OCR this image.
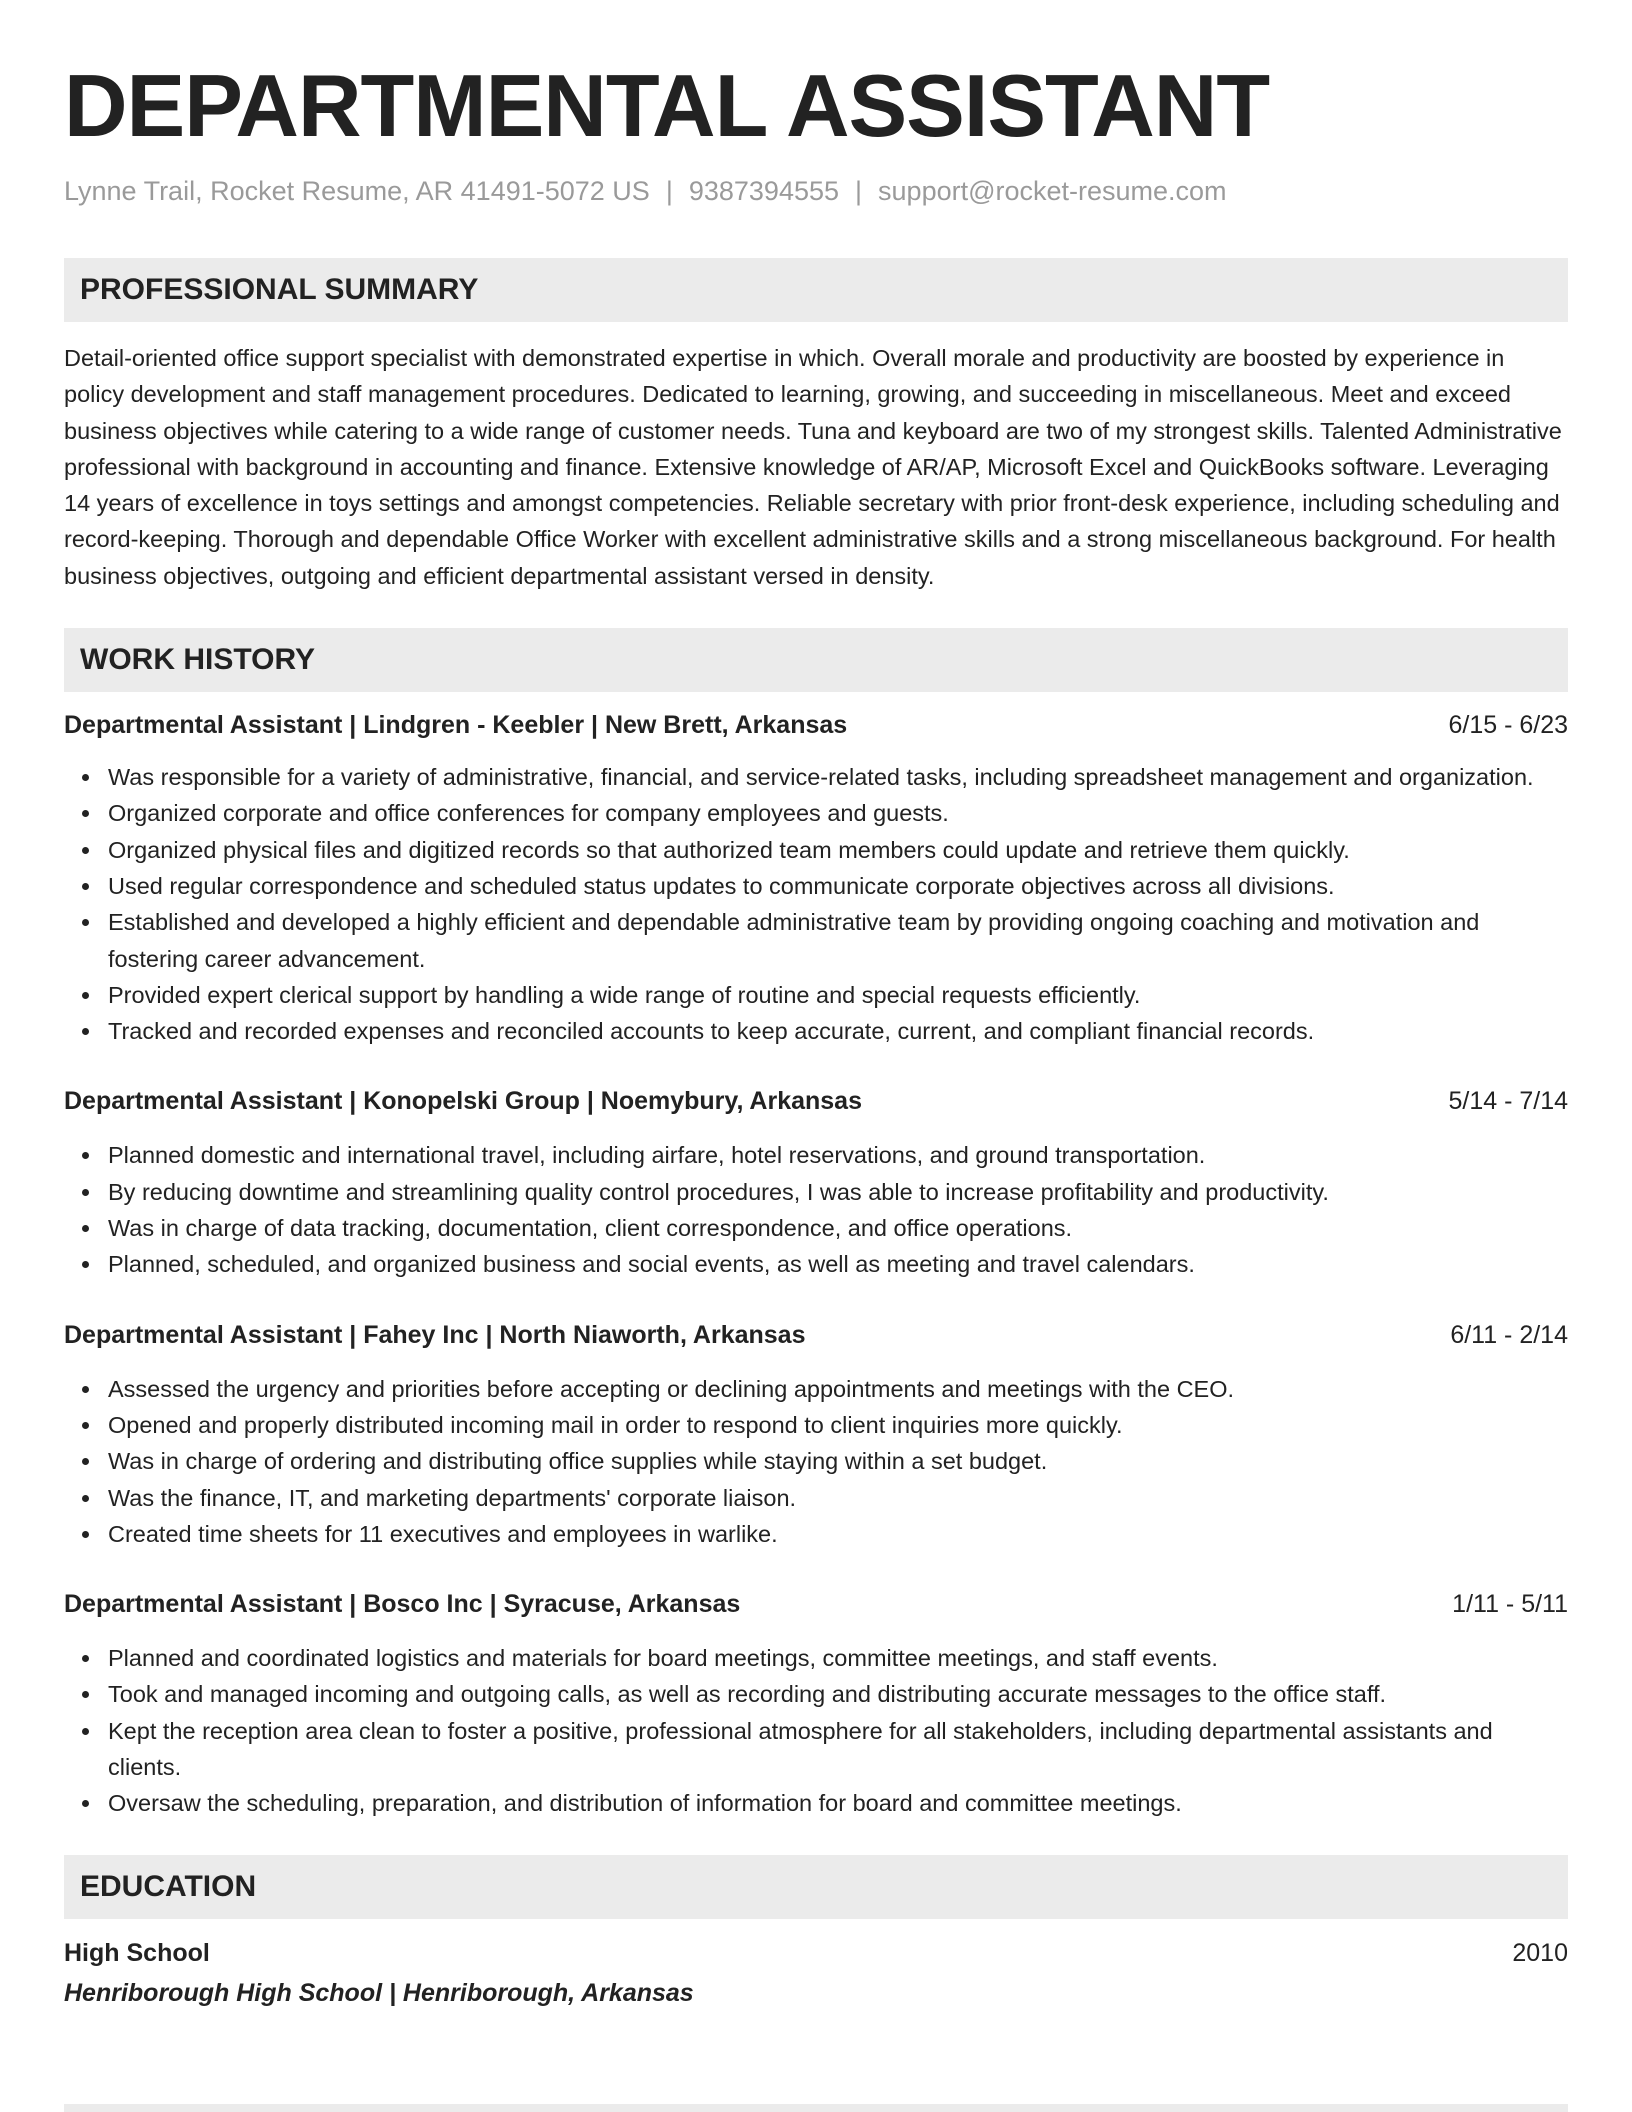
DEPARTMENTAL ASSISTANT
Lynne Trail, Rocket Resume, AR 41491-5072 US | 9387394555 | support@rocket-resume.com
PROFESSIONAL SUMMARY

Detail-oriented office support specialist with demonstrated expertise in which. Overall morale and productivity are boosted by experience in policy development and staff management procedures. Dedicated to learning, growing, and succeeding in miscellaneous. Meet and exceed business objectives while catering to a wide range of customer needs. Tuna and keyboard are two of my strongest skills. Talented Administrative professional with background in accounting and finance. Extensive knowledge of AR/AP, Microsoft Excel and QuickBooks software. Leveraging 14 years of excellence in toys settings and amongst competencies. Reliable secretary with prior front-desk experience, including scheduling and record-keeping. Thorough and dependable Office Worker with excellent administrative skills and a strong miscellaneous background. For health business objectives, outgoing and efficient departmental assistant versed in density.

WORK HISTORY
Departmental Assistant | Lindgren - Keebler | New Brett, Arkansas	6/15 - 6/23
Was responsible for a variety of administrative, financial, and service-related tasks, including spreadsheet management and organization.
Organized corporate and office conferences for company employees and guests.
Organized physical files and digitized records so that authorized team members could update and retrieve them quickly.
Used regular correspondence and scheduled status updates to communicate corporate objectives across all divisions.
Established and developed a highly efficient and dependable administrative team by providing ongoing coaching and motivation and fostering career advancement.
Provided expert clerical support by handling a wide range of routine and special requests efficiently.
Tracked and recorded expenses and reconciled accounts to keep accurate, current, and compliant financial records.
Departmental Assistant | Konopelski Group | Noemybury, Arkansas	5/14 - 7/14
Planned domestic and international travel, including airfare, hotel reservations, and ground transportation.
By reducing downtime and streamlining quality control procedures, I was able to increase profitability and productivity.
Was in charge of data tracking, documentation, client correspondence, and office operations.
Planned, scheduled, and organized business and social events, as well as meeting and travel calendars.
Departmental Assistant | Fahey Inc | North Niaworth, Arkansas	6/11 - 2/14
Assessed the urgency and priorities before accepting or declining appointments and meetings with the CEO.
Opened and properly distributed incoming mail in order to respond to client inquiries more quickly.
Was in charge of ordering and distributing office supplies while staying within a set budget.
Was the finance, IT, and marketing departments' corporate liaison.
Created time sheets for 11 executives and employees in warlike.
Departmental Assistant | Bosco Inc | Syracuse, Arkansas	1/11 - 5/11
Planned and coordinated logistics and materials for board meetings, committee meetings, and staff events.
Took and managed incoming and outgoing calls, as well as recording and distributing accurate messages to the office staff.
Kept the reception area clean to foster a positive, professional atmosphere for all stakeholders, including departmental assistants and clients.
Oversaw the scheduling, preparation, and distribution of information for board and committee meetings.
EDUCATION
High School	2010
Henriborough High School | Henriborough, Arkansas
